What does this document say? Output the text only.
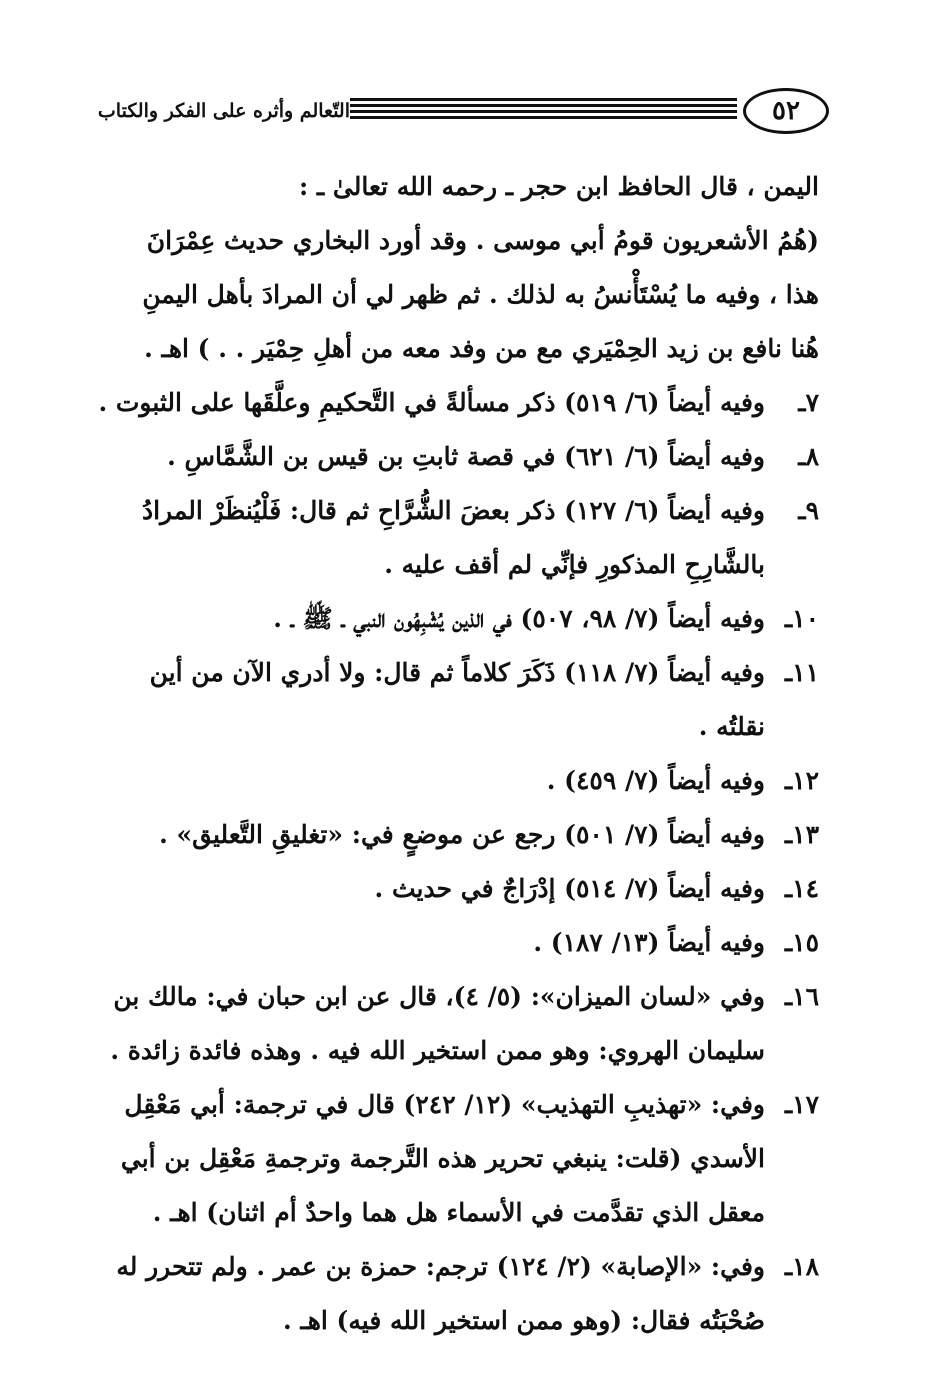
٥٢
التّعالم وأثره على الفكر والكتاب

اليمن ، قال الحافظ ابن حجر ـ رحمه الله تعالىٰ ـ :

(هُمُ الأشعريون قومُ أبي موسى . وقد أورد البخاري حديث عِمْرَانَ
هذا ، وفيه ما يُسْتَأْنسُ به لذلك . ثم ظهر لي أن المرادَ بأهل اليمنِ
هُنا نافع بن زيد الحِمْيَري مع من وفد معه من أهلِ حِمْيَر . . ) اهـ .
٧ـ
وفيه أيضاً (٦/ ٥١٩) ذكر مسألةً في التَّحكيمِ وعلَّقَها على الثبوت .
٨ـ
وفيه أيضاً (٦/ ٦٢١) في قصة ثابتِ بن قيس بن الشَّمَّاسِ .
٩ـ
وفيه أيضاً (٦/ ١٢٧) ذكر بعضَ الشُّرَّاحِ ثم قال: فَلْيُنظَرْ المرادُ
بالشَّارِحِ المذكورِ فإنِّي لم أقف عليه .
١٠ـ
وفيه أيضاً (٧/ ٩٨، ٥٠٧) في الذين يُشْبِهُون النبي ـ ﷺ ـ .
١١ـ
وفيه أيضاً (٧/ ١١٨) ذَكَرَ كلاماً ثم قال: ولا أدري الآن من أين
نقلتُه .
١٢ـ
وفيه أيضاً (٧/ ٤٥٩) .
١٣ـ
وفيه أيضاً (٧/ ٥٠١) رجع عن موضعٍ في: «تغليقِ التَّعليق» .
١٤ـ
وفيه أيضاً (٧/ ٥١٤) إدْرَاجٌ في حديث .
١٥ـ
وفيه أيضاً (١٣/ ١٨٧) .
١٦ـ
وفي «لسان الميزان»: (٥/ ٤)، قال عن ابن حبان في: مالك بن
سليمان الهروي: وهو ممن استخير الله فيه . وهذه فائدة زائدة .
١٧ـ
وفي: «تهذيبِ التهذيب» (١٢/ ٢٤٢) قال في ترجمة: أبي مَعْقِل
الأسدي (قلت: ينبغي تحرير هذه التَّرجمة وترجمةِ مَعْقِل بن أبي
معقل الذي تقدَّمت في الأسماء هل هما واحدٌ أم اثنان) اهـ .
١٨ـ
وفي: «الإصابة» (٢/ ١٢٤) ترجم: حمزة بن عمر . ولم تتحرر له
صُحْبَتُه فقال: (وهو ممن استخير الله فيه) اهـ .
